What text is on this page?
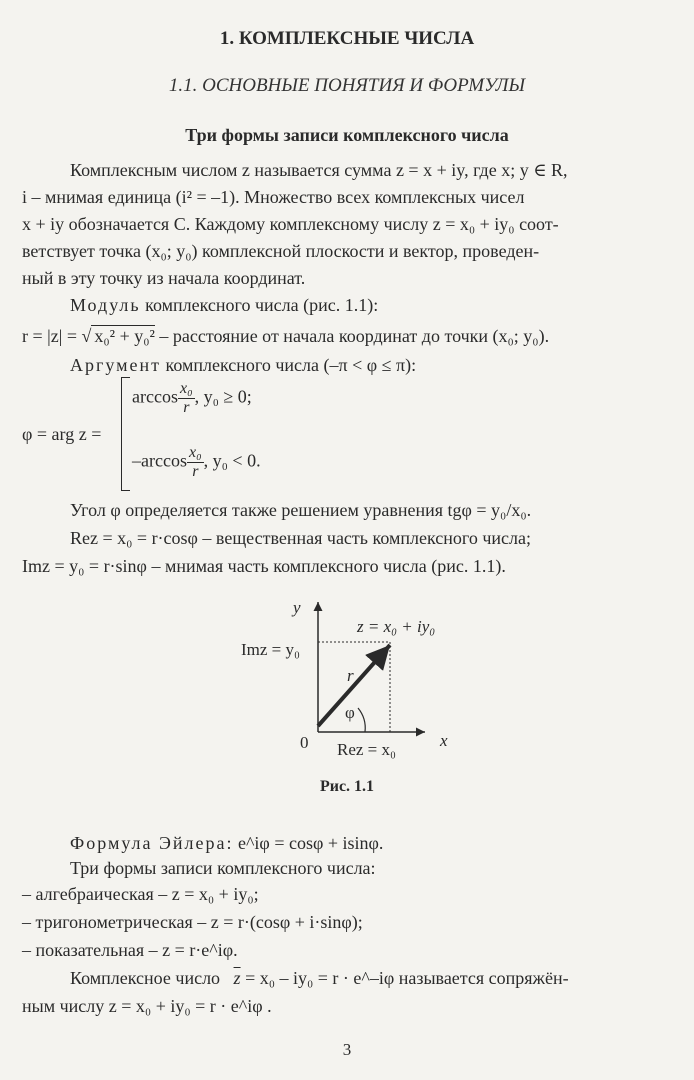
1. КОМПЛЕКСНЫЕ ЧИСЛА
1.1. ОСНОВНЫЕ ПОНЯТИЯ И ФОРМУЛЫ
Три формы записи комплексного числа
Комплексным числом z называется сумма z = x + iy, где x; y ∈ R,
i – мнимая единица (i² = –1). Множество всех комплексных чисел
x + iy обозначается C. Каждому комплексному числу z = x₀ + iy₀ соот-
ветствует точка (x₀; y₀) комплексной плоскости и вектор, проведен-
ный в эту точку из начала координат.
Модуль комплексного числа (рис. 1.1):
r = |z| = √ x₀² + y₀² – расстояние от начала координат до точки (x₀; y₀).
Аргумент комплексного числа (–π < φ ≤ π):
φ = arg z =
$\arccos \frac{\text{x₀}}{r}$ , y₀ ≥ 0;
$-\arccos \frac{\text{x₀}}{r}$ , y₀ < 0.
Угол φ определяется также решением уравнения tgφ = y₀/x₀.
Rez = x₀ = r·cosφ – вещественная часть комплексного числа;
Imz = y₀ = r·sinφ – мнимая часть комплексного числа (рис. 1.1).
y
x
0
z = x₀ + iy₀
Imz = y₀
Rez = x₀
r
φ
Рис. 1.1
Формула Эйлера: e^iφ = cosφ + isinφ.
Три формы записи комплексного числа:
– алгебраическая – z = x₀ + iy₀;
– тригонометрическая – z = r·(cosφ + i·sinφ);
– показательная – z = r·e^iφ.
Комплексное число $\overline{z} = x_0 - iy_0 = r$ · e^–iφ называется сопряжён-
ным числу z = x₀ + iy₀ = r · e^iφ .
3
